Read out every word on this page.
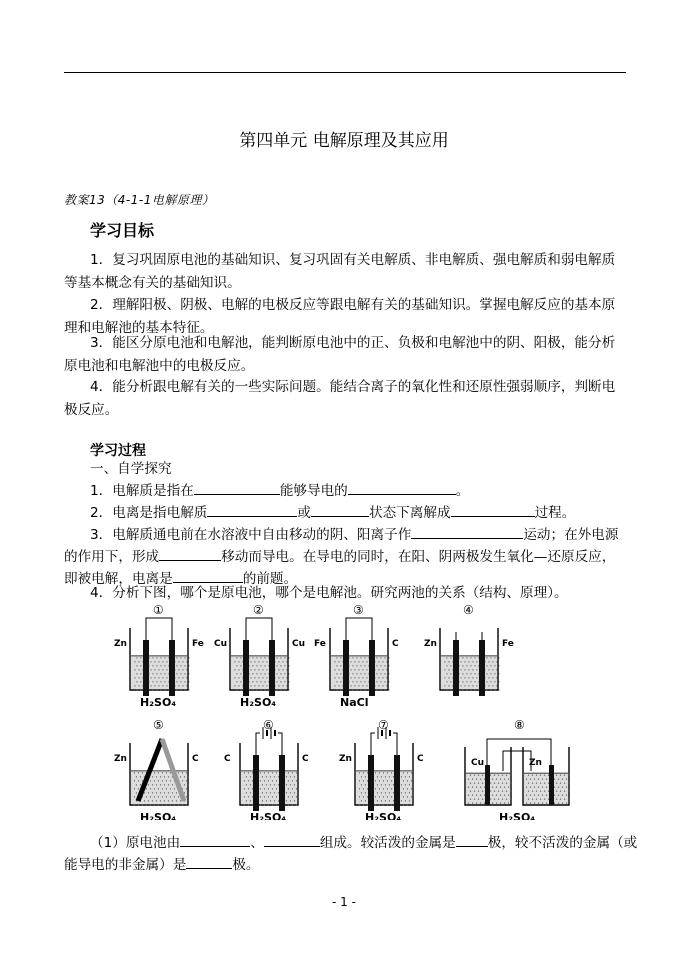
第四单元 电解原理及其应用
教案13（4-1-1电解原理）
学习目标
1．复习巩固原电池的基础知识、复习巩固有关电解质、非电解质、强电解质和弱电解质等基本概念有关的基础知识。
2．理解阳极、阴极、电解的电极反应等跟电解有关的基础知识。掌握电解反应的基本原理和电解池的基本特征。
3．能区分原电池和电解池，能判断原电池中的正、负极和电解池中的阴、阳极，能分析原电池和电解池中的电极反应。
4．能分析跟电解有关的一些实际问题。能结合离子的氧化性和还原性强弱顺序，判断电极反应。
学习过程
一、自学探究
1．电解质是指在	能够导电的	。
2．电离是指电解质	或	状态下离解成	过程。
3．电解质通电前在水溶液中自由移动的阴、阳离子作	运动；在外电源
的作用下，形成	移动而导电。在导电的同时，在阳、阴两极发生氧化—还原反应，
即被电解，电离是	的前题。
4．分析下图，哪个是原电池，哪个是电解池。研究两池的关系（结构、原理）。
Zn	Fe
①
H₂SO₄
Cu	Cu
②
H₂SO₄
Fe	C
③
NaCl
Zn	Fe
④
Zn	C
⑤
H₂SO₄
C	C
⑥
H₂SO₄
Zn	C
⑦
H₂SO₄
Cu	Zn
⑧
H₂SO₄
（1）原电池由	、	组成。较活泼的金属是 极，较不活泼的金属（或
能导电的非金属）是	极。
- 1 -
